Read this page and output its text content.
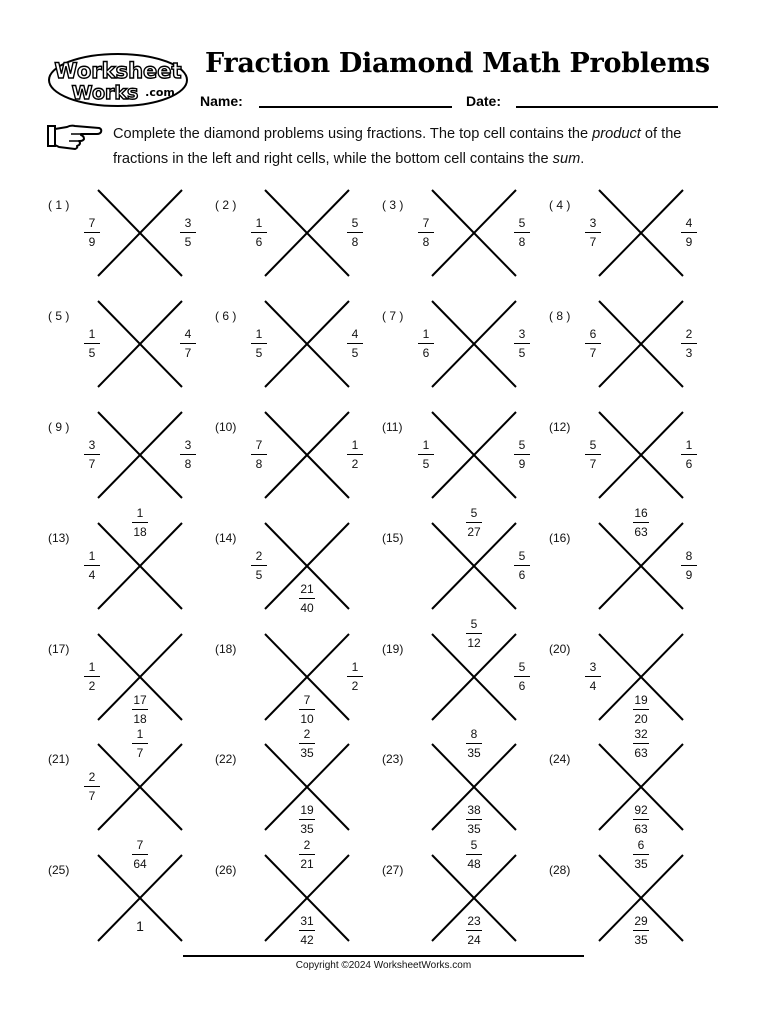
Worksheet
Works .com
Fraction Diamond Math Problems
Name:	Date:
Complete the diamond problems using fractions. The top cell contains the product of the fractions in the left and right cells, while the bottom cell contains the sum.
( 1 )
7
9
3
5
( 2 )
1
6
5
8
( 3 )
7
8
5
8
( 4 )
3
7
4
9
( 5 )
1
5
4
7
( 6 )
1
5
4
5
( 7 )
1
6
3
5
( 8 )
6
7
2
3
( 9 )
3
7
3
8
(10)
7
8
1
2
(11)
1
5
5
9
(12)
5
7
1
6
(13)
1
18
1
4
(14)
2
5
21
40
(15)
5
27
5
6
(16)
16
63
8
9
(17)
1
2
17
18
(18)
1
2
7
10
(19)
5
12
5
6
(20)
3
4
19
20
(21)
1
7
2
7
(22)
2
35
19
35
(23)
8
35
38
35
(24)
32
63
92
63
(25)
7
64
1
(26)
2
21
31
42
(27)
5
48
23
24
(28)
6
35
29
35
Copyright ©2024 WorksheetWorks.com
